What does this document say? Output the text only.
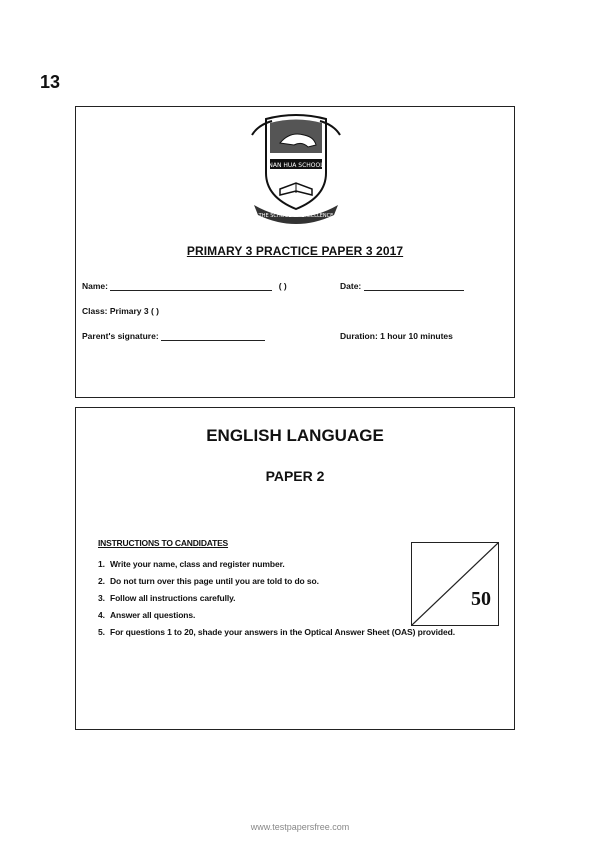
13
NAN HUA SCHOOL
THE SCHOOL OF EXCELLENCE
PRIMARY 3 PRACTICE PAPER 3 2017
Name:	( )	Date:
Class: Primary 3 ( )
Parent's signature:	Duration: 1 hour 10 minutes
ENGLISH LANGUAGE
PAPER 2
INSTRUCTIONS TO CANDIDATES
1. Write your name, class and register number.
2. Do not turn over this page until you are told to do so.
3. Follow all instructions carefully.
4. Answer all questions.
5. For questions 1 to 20, shade your answers in the Optical Answer Sheet (OAS) provided.
50
www.testpapersfree.com
